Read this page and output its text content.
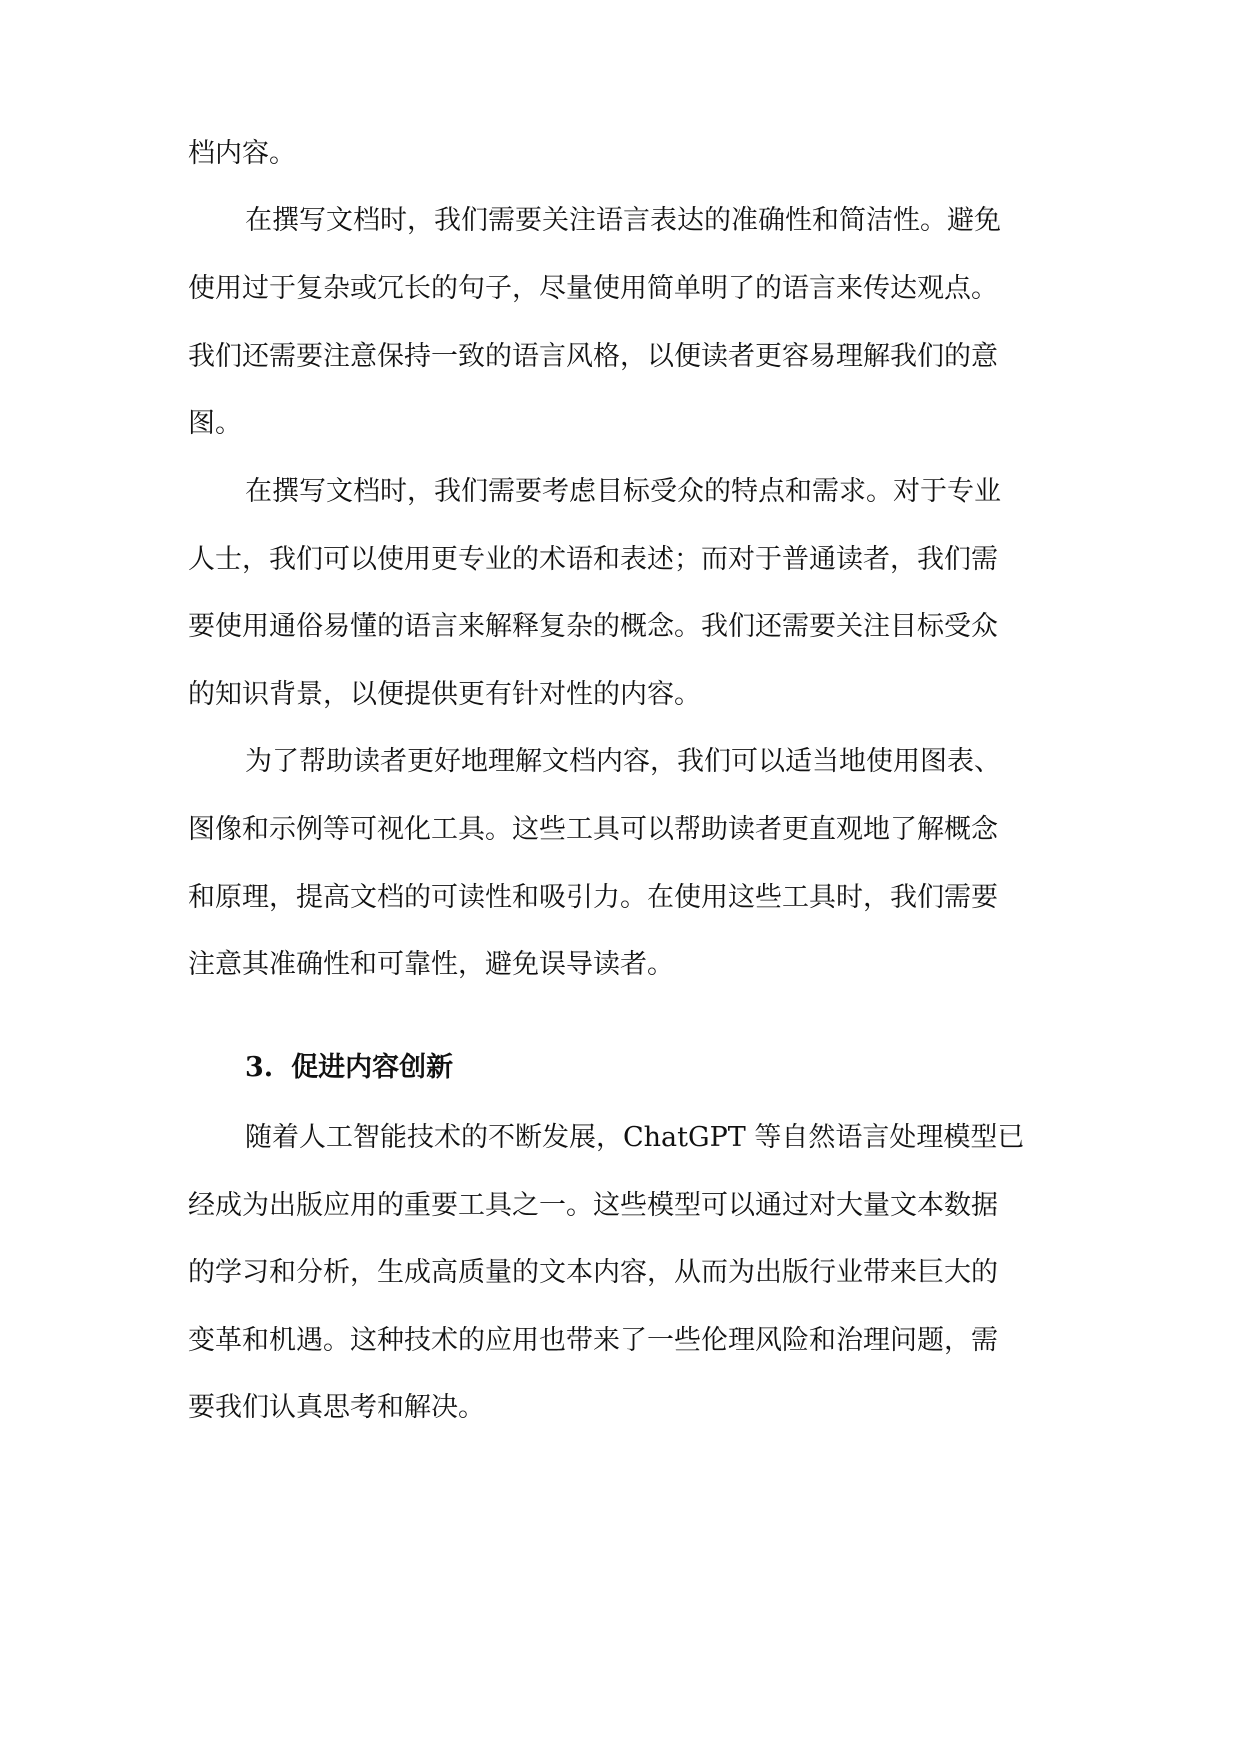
档内容。
在撰写文档时，我们需要关注语言表达的准确性和简洁性。避免
使用过于复杂或冗长的句子，尽量使用简单明了的语言来传达观点。
我们还需要注意保持一致的语言风格，以便读者更容易理解我们的意
图。
在撰写文档时，我们需要考虑目标受众的特点和需求。对于专业
人士，我们可以使用更专业的术语和表述；而对于普通读者，我们需
要使用通俗易懂的语言来解释复杂的概念。我们还需要关注目标受众
的知识背景，以便提供更有针对性的内容。
为了帮助读者更好地理解文档内容，我们可以适当地使用图表、
图像和示例等可视化工具。这些工具可以帮助读者更直观地了解概念
和原理，提高文档的可读性和吸引力。在使用这些工具时，我们需要
注意其准确性和可靠性，避免误导读者。
3. 促进内容创新
随着人工智能技术的不断发展，ChatGPT 等自然语言处理模型已
经成为出版应用的重要工具之一。这些模型可以通过对大量文本数据
的学习和分析，生成高质量的文本内容，从而为出版行业带来巨大的
变革和机遇。这种技术的应用也带来了一些伦理风险和治理问题，需
要我们认真思考和解决。
